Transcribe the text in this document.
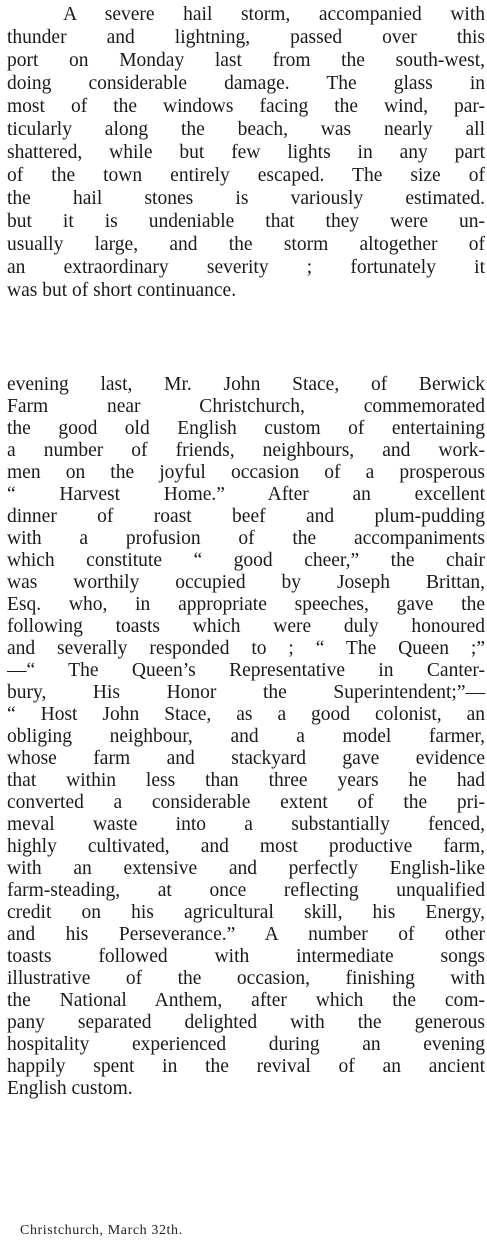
A severe hail storm, accompanied with
thunder and lightning, passed over this
port on Monday last from the south-west,
doing considerable damage. The glass in
most of the windows facing the wind, par-
ticularly along the beach, was nearly all
shattered, while but few lights in any part
of the town entirely escaped. The size of
the hail stones is variously estimated.
but it is undeniable that they were un-
usually large, and the storm altogether of
an extraordinary severity ; fortunately it
was but of short continuance.

evening last, Mr. John Stace, of Berwick
Farm near Christchurch, commemorated
the good old English custom of entertaining
a number of friends, neighbours, and work-
men on the joyful occasion of a prosperous
“ Harvest Home.” After an excellent
dinner of roast beef and plum-pudding
with a profusion of the accompaniments
which constitute “ good cheer,” the chair
was worthily occupied by Joseph Brittan,
Esq. who, in appropriate speeches, gave the
following toasts which were duly honoured
and severally responded to ; “ The Queen ;”
—“ The Queen’s Representative in Canter-
bury, His Honor the Superintendent;”—
“ Host John Stace, as a good colonist, an
obliging neighbour, and a model farmer,
whose farm and stackyard gave evidence
that within less than three years he had
converted a considerable extent of the pri-
meval waste into a substantially fenced,
highly cultivated, and most productive farm,
with an extensive and perfectly English-like
farm-steading, at once reflecting unqualified
credit on his agricultural skill, his Energy,
and his Perseverance.” A number of other
toasts followed with intermediate songs
illustrative of the occasion, finishing with
the National Anthem, after which the com-
pany separated delighted with the generous
hospitality experienced during an evening
happily spent in the revival of an ancient
English custom.
Christchurch, March 32th.
